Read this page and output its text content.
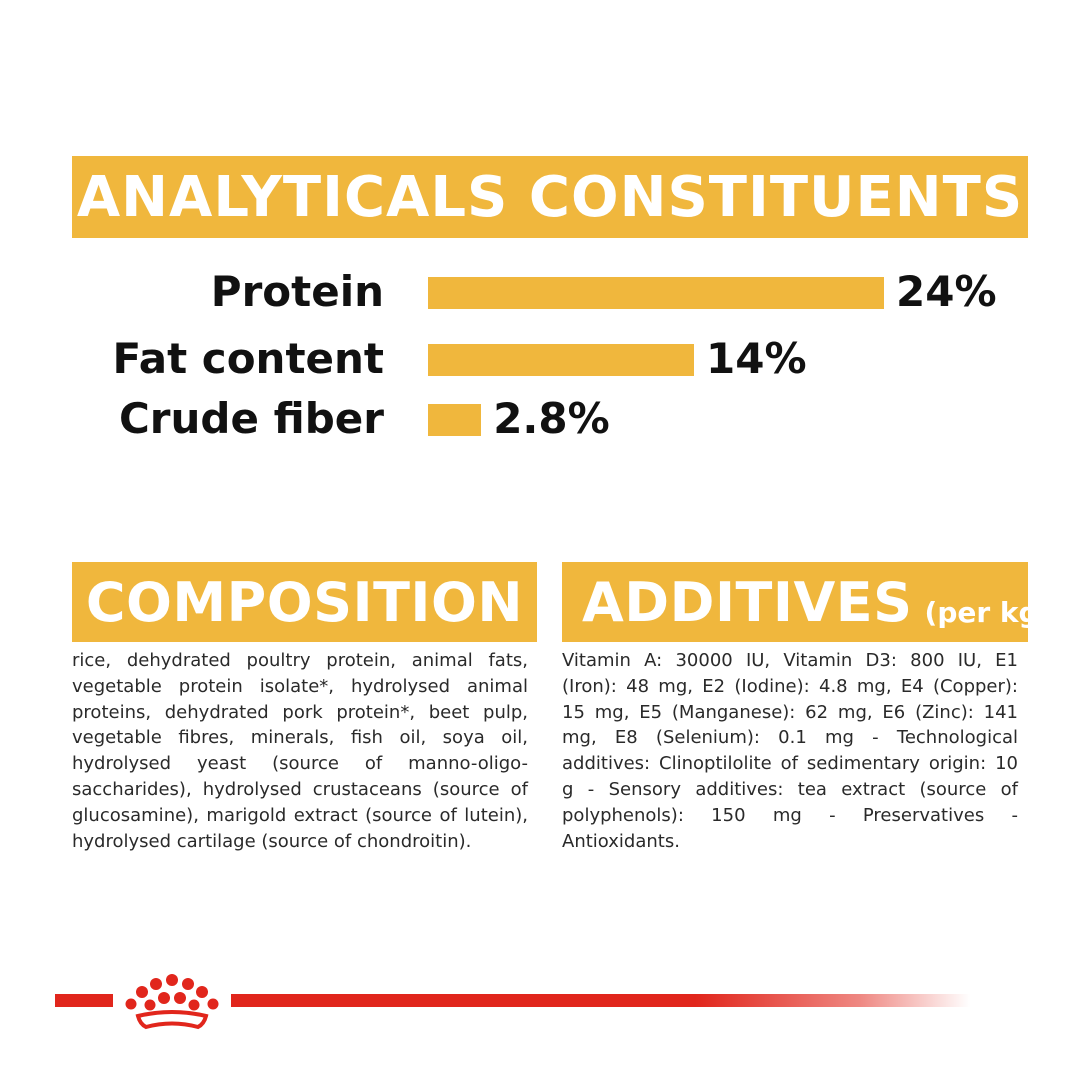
ANALYTICALS CONSTITUENTS
Protein	24%
Fat content	14%
Crude fiber	2.8%
COMPOSITION ADDITIVES (per kg)

rice, dehydrated poultry protein, animal fats, vegetable protein isolate*, hydrolysed animal proteins, dehydrated pork protein*, beet pulp, vegetable fibres, minerals, fish oil, soya oil, hydrolysed yeast (source of manno-oligo-saccharides), hydrolysed crustaceans (source of glucosamine), marigold extract (source of lutein), hydrolysed cartilage (source of chondroitin).

Vitamin A: 30000 IU, Vitamin D3: 800 IU, E1 (Iron): 48 mg, E2 (Iodine): 4.8 mg, E4 (Copper): 15 mg, E5 (Manganese): 62 mg, E6 (Zinc): 141 mg, E8 (Selenium): 0.1 mg - Technological additives: Clinoptilolite of sedimentary origin: 10 g - Sensory additives: tea extract (source of polyphenols): 150 mg - Preservatives - Antioxidants.
